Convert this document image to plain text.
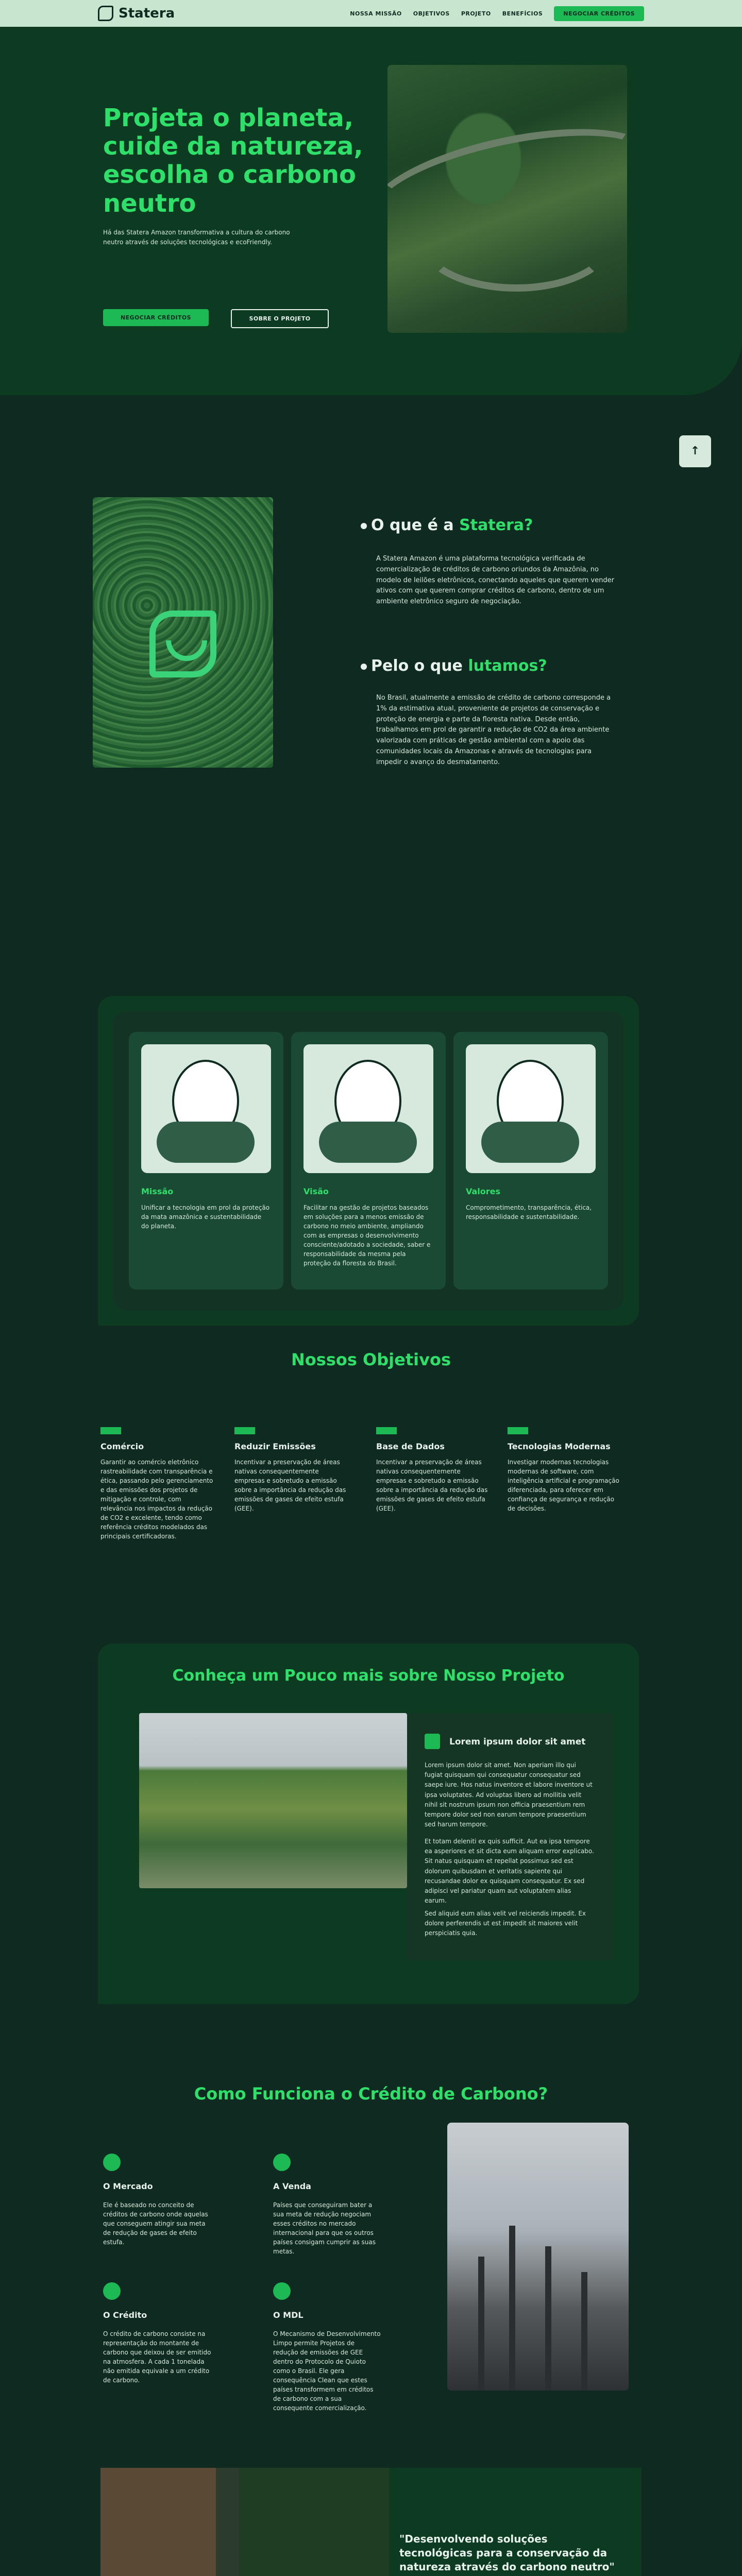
Statera	NOSSA MISSÃO OBJETIVOS PROJETO BENEFÍCIOS	NEGOCIAR CRÉDITOS
Projeta o planeta, cuide da natureza, escolha o carbono neutro

Há das Statera Amazon transformativa a cultura do carbono neutro através de soluções tecnológicas e ecoFriendly.

NEGOCIAR CRÉDITOS	SOBRE O PROJETO
↑
O que é a Statera?

A Statera Amazon é uma plataforma tecnológica verificada de comercialização de créditos de carbono oriundos da Amazônia, no modelo de leilões eletrônicos, conectando aqueles que querem vender ativos com que querem comprar créditos de carbono, dentro de um ambiente eletrônico seguro de negociação.

Pelo o que lutamos?

No Brasil, atualmente a emissão de crédito de carbono corresponde a 1% da estimativa atual, proveniente de projetos de conservação e proteção de energia e parte da floresta nativa. Desde então, trabalhamos em prol de garantir a redução de CO2 da área ambiente valorizada com práticas de gestão ambiental com a apoio das comunidades locais da Amazonas e através de tecnologias para impedir o avanço do desmatamento.

Missão

Unificar a tecnologia em prol da proteção da mata amazônica e sustentabilidade do planeta.

Visão

Facilitar na gestão de projetos baseados em soluções para a menos emissão de carbono no meio ambiente, ampliando com as empresas o desenvolvimento consciente/adotado a sociedade, saber e responsabilidade da mesma pela proteção da floresta do Brasil.

Valores

Comprometimento, transparência, ética, responsabilidade e sustentabilidade.

Nossos Objetivos
Comércio

Garantir ao comércio eletrônico rastreabilidade com transparência e ética, passando pelo gerenciamento e das emissões dos projetos de mitigação e controle, com relevância nos impactos da redução de CO2 e excelente, tendo como referência créditos modelados das principais certificadoras.

Reduzir Emissões

Incentivar a preservação de áreas nativas consequentemente empresas e sobretudo a emissão sobre a importância da redução das emissões de gases de efeito estufa (GEE).

Base de Dados

Incentivar a preservação de áreas nativas consequentemente empresas e sobretudo a emissão sobre a importância da redução das emissões de gases de efeito estufa (GEE).

Tecnologias Modernas

Investigar modernas tecnologias modernas de software, com inteligência artificial e programação diferenciada, para oferecer em confiança de segurança e redução de decisões.

Conheça um Pouco mais sobre Nosso Projeto
Lorem ipsum dolor sit amet

Lorem ipsum dolor sit amet. Non aperiam illo qui fugiat quisquam qui consequatur consequatur sed saepe iure. Hos natus inventore et labore inventore ut ipsa voluptates. Ad voluptas libero ad mollitia velit nihil sit nostrum ipsum non officia praesentium rem tempore dolor sed non earum tempore praesentium sed harum tempore.

Et totam deleniti ex quis sufficit. Aut ea ipsa tempore ea asperiores et sit dicta eum aliquam error explicabo. Sit natus quisquam et repellat possimus sed est dolorum quibusdam et veritatis sapiente qui recusandae dolor ex quisquam consequatur. Ex sed adipisci vel pariatur quam aut voluptatem alias earum.

Sed aliquid eum alias velit vel reiciendis impedit. Ex dolore perferendis ut est impedit sit maiores velit perspiciatis quia.

Como Funciona o Crédito de Carbono?
O Mercado

Ele é baseado no conceito de créditos de carbono onde aquelas que conseguem atingir sua meta de redução de gases de efeito estufa.

A Venda

Países que conseguiram bater a sua meta de redução negociam esses créditos no mercado internacional para que os outros países consigam cumprir as suas metas.

O Crédito

O crédito de carbono consiste na representação do montante de carbono que deixou de ser emitido na atmosfera. A cada 1 tonelada não emitida equivale a um crédito de carbono.

O MDL

O Mecanismo de Desenvolvimento Limpo permite Projetos de redução de emissões de GEE dentro do Protocolo de Quioto como o Brasil. Ele gera consequência Clean que estes países transformem em créditos de carbono com a sua consequente comercialização.

"Desenvolvendo soluções tecnológicas para a conservação da natureza através do carbono neutro"
